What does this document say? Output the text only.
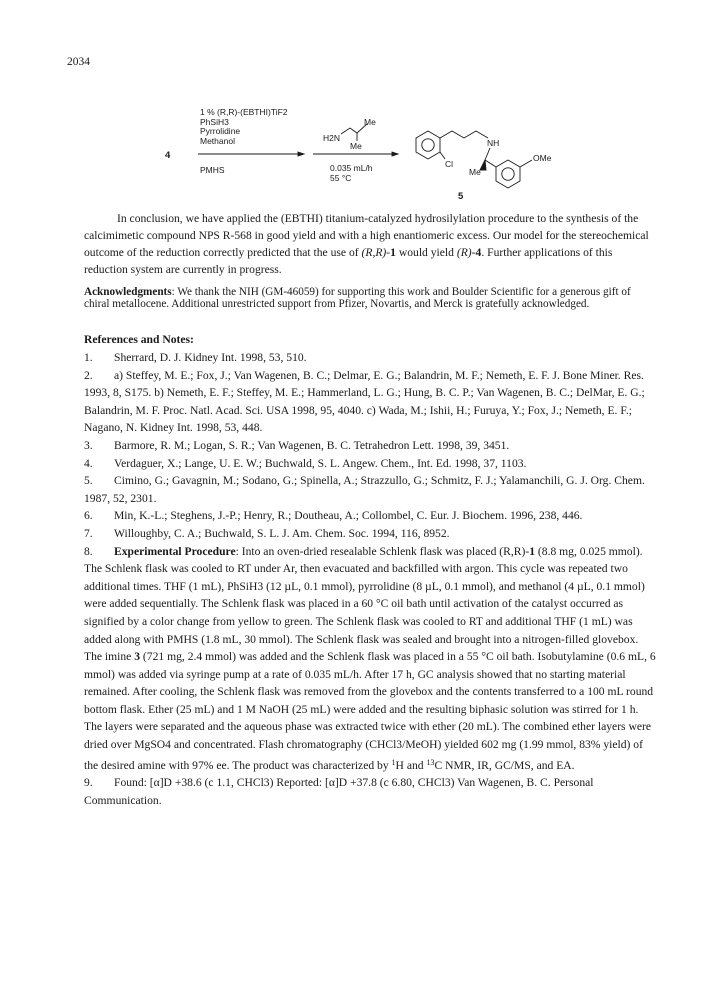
2034
4
1 % (R,R)-(EBTHI)TiF2
PhSiH3
Pyrrolidine
Methanol
PMHS
H2N
Me
Me
0.035 mL/h
55 °C
NH
Cl
Me
OMe
5
In conclusion, we have applied the (EBTHI) titanium-catalyzed hydrosilylation procedure to the synthesis of the calcimimetic compound NPS R-568 in good yield and with a high enantiomeric excess. Our model for the stereochemical outcome of the reduction correctly predicted that the use of (R,R)-1 would yield (R)-4. Further applications of this reduction system are currently in progress.
Acknowledgments: We thank the NIH (GM-46059) for supporting this work and Boulder Scientific for a generous gift of chiral metallocene. Additional unrestricted support from Pfizer, Novartis, and Merck is gratefully acknowledged.
References and Notes:

1. Sherrard, D. J. Kidney Int. 1998, 53, 510.

2. a) Steffey, M. E.; Fox, J.; Van Wagenen, B. C.; Delmar, E. G.; Balandrin, M. F.; Nemeth, E. F. J. Bone Miner. Res. 1993, 8, S175. b) Nemeth, E. F.; Steffey, M. E.; Hammerland, L. G.; Hung, B. C. P.; Van Wagenen, B. C.; DelMar, E. G.; Balandrin, M. F. Proc. Natl. Acad. Sci. USA 1998, 95, 4040. c) Wada, M.; Ishii, H.; Furuya, Y.; Fox, J.; Nemeth, E. F.; Nagano, N. Kidney Int. 1998, 53, 448.

3. Barmore, R. M.; Logan, S. R.; Van Wagenen, B. C. Tetrahedron Lett. 1998, 39, 3451.

4. Verdaguer, X.; Lange, U. E. W.; Buchwald, S. L. Angew. Chem., Int. Ed. 1998, 37, 1103.

5. Cimino, G.; Gavagnin, M.; Sodano, G.; Spinella, A.; Strazzullo, G.; Schmitz, F. J.; Yalamanchili, G. J. Org. Chem. 1987, 52, 2301.

6. Min, K.-L.; Steghens, J.-P.; Henry, R.; Doutheau, A.; Collombel, C. Eur. J. Biochem. 1996, 238, 446.

7. Willoughby, C. A.; Buchwald, S. L. J. Am. Chem. Soc. 1994, 116, 8952.

8. Experimental Procedure: Into an oven-dried resealable Schlenk flask was placed (R,R)-1 (8.8 mg, 0.025 mmol). The Schlenk flask was cooled to RT under Ar, then evacuated and backfilled with argon. This cycle was repeated two additional times. THF (1 mL), PhSiH3 (12 µL, 0.1 mmol), pyrrolidine (8 µL, 0.1 mmol), and methanol (4 µL, 0.1 mmol) were added sequentially. The Schlenk flask was placed in a 60 °C oil bath until activation of the catalyst occurred as signified by a color change from yellow to green. The Schlenk flask was cooled to RT and additional THF (1 mL) was added along with PMHS (1.8 mL, 30 mmol). The Schlenk flask was sealed and brought into a nitrogen-filled glovebox. The imine 3 (721 mg, 2.4 mmol) was added and the Schlenk flask was placed in a 55 °C oil bath. Isobutylamine (0.6 mL, 6 mmol) was added via syringe pump at a rate of 0.035 mL/h. After 17 h, GC analysis showed that no starting material remained. After cooling, the Schlenk flask was removed from the glovebox and the contents transferred to a 100 mL round bottom flask. Ether (25 mL) and 1 M NaOH (25 mL) were added and the resulting biphasic solution was stirred for 1 h. The layers were separated and the aqueous phase was extracted twice with ether (20 mL). The combined ether layers were dried over MgSO4 and concentrated. Flash chromatography (CHCl3/MeOH) yielded 602 mg (1.99 mmol, 83% yield) of the desired amine with 97% ee. The product was characterized by $^1$H and $^{13}$C NMR, IR, GC/MS, and EA.

9. Found: [α]D +38.6 (c 1.1, CHCl3) Reported: [α]D +37.8 (c 6.80, CHCl3) Van Wagenen, B. C. Personal Communication.
